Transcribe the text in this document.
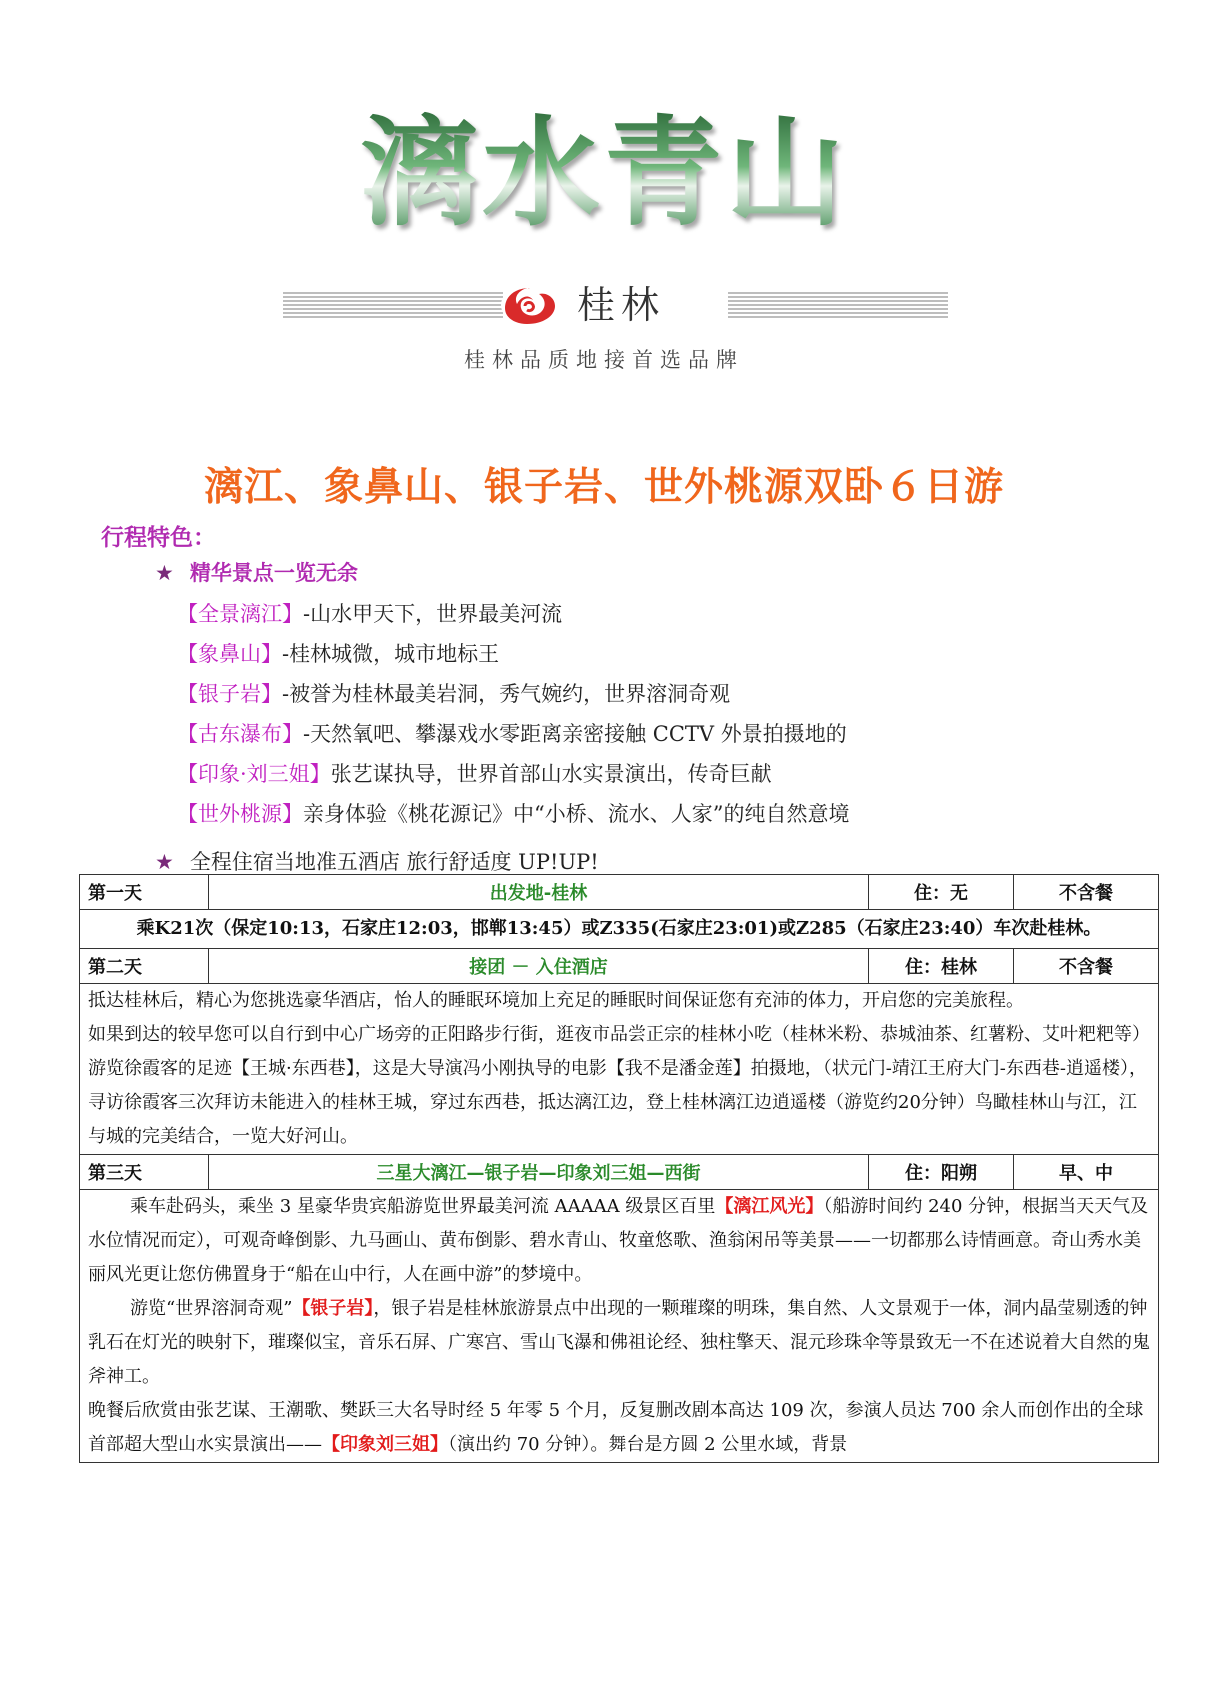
漓水青山
桂林
桂林品质地接首选品牌
漓江、象鼻山、银子岩、世外桃源双卧６日游
行程特色：
★ 精华景点一览无余
【全景漓江】-山水甲天下，世界最美河流
【象鼻山】-桂林城微，城市地标王
【银子岩】-被誉为桂林最美岩洞，秀气婉约，世界溶洞奇观
【古东瀑布】-天然氧吧、攀瀑戏水零距离亲密接触 CCTV 外景拍摄地的
【印象·刘三姐】张艺谋执导，世界首部山水实景演出，传奇巨献
【世外桃源】亲身体验《桃花源记》中“小桥、流水、人家”的纯自然意境
★ 全程住宿当地准五酒店 旅行舒适度 UP!UP!
第一天	出发地-桂林	住：无	不含餐
乘K21次（保定10:13，石家庄12:03，邯郸13:45）或Z335(石家庄23:01)或Z285（石家庄23:40）车次赴桂林。			
第二天	接团 － 入住酒店	住：桂林	不含餐

抵达桂林后，精心为您挑选豪华酒店，怡人的睡眠环境加上充足的睡眠时间保证您有充沛的体力，开启您的完美旅程。

如果到达的较早您可以自行到中心广场旁的正阳路步行街，逛夜市品尝正宗的桂林小吃（桂林米粉、恭城油茶、红薯粉、艾叶粑粑等）

游览徐霞客的足迹【王城·东西巷】，这是大导演冯小刚执导的电影【我不是潘金莲】拍摄地，（状元门-靖江王府大门-东西巷-逍遥楼），寻访徐霞客三次拜访未能进入的桂林王城，穿过东西巷，抵达漓江边，登上桂林漓江边逍遥楼（游览约20分钟）鸟瞰桂林山与江，江与城的完美结合，一览大好河山。			

第三天	三星大漓江—银子岩—印象刘三姐—西街	住：阳朔	早、中

乘车赴码头，乘坐 3 星豪华贵宾船游览世界最美河流 AAAAA 级景区百里【漓江风光】（船游时间约 240 分钟，根据当天天气及水位情况而定），可观奇峰倒影、九马画山、黄布倒影、碧水青山、牧童悠歌、渔翁闲吊等美景——一切都那么诗情画意。奇山秀水美丽风光更让您仿佛置身于“船在山中行，人在画中游”的梦境中。

游览“世界溶洞奇观”【银子岩】，银子岩是桂林旅游景点中出现的一颗璀璨的明珠，集自然、人文景观于一体，洞内晶莹剔透的钟乳石在灯光的映射下，璀璨似宝，音乐石屏、广寒宫、雪山飞瀑和佛祖论经、独柱擎天、混元珍珠伞等景致无一不在述说着大自然的鬼斧神工。

晚餐后欣赏由张艺谋、王潮歌、樊跃三大名导时经 5 年零 5 个月，反复删改剧本高达 109 次，参演人员达 700 余人而创作出的全球首部超大型山水实景演出——【印象刘三姐】（演出约 70 分钟）。舞台是方圆 2 公里水域，背景			
